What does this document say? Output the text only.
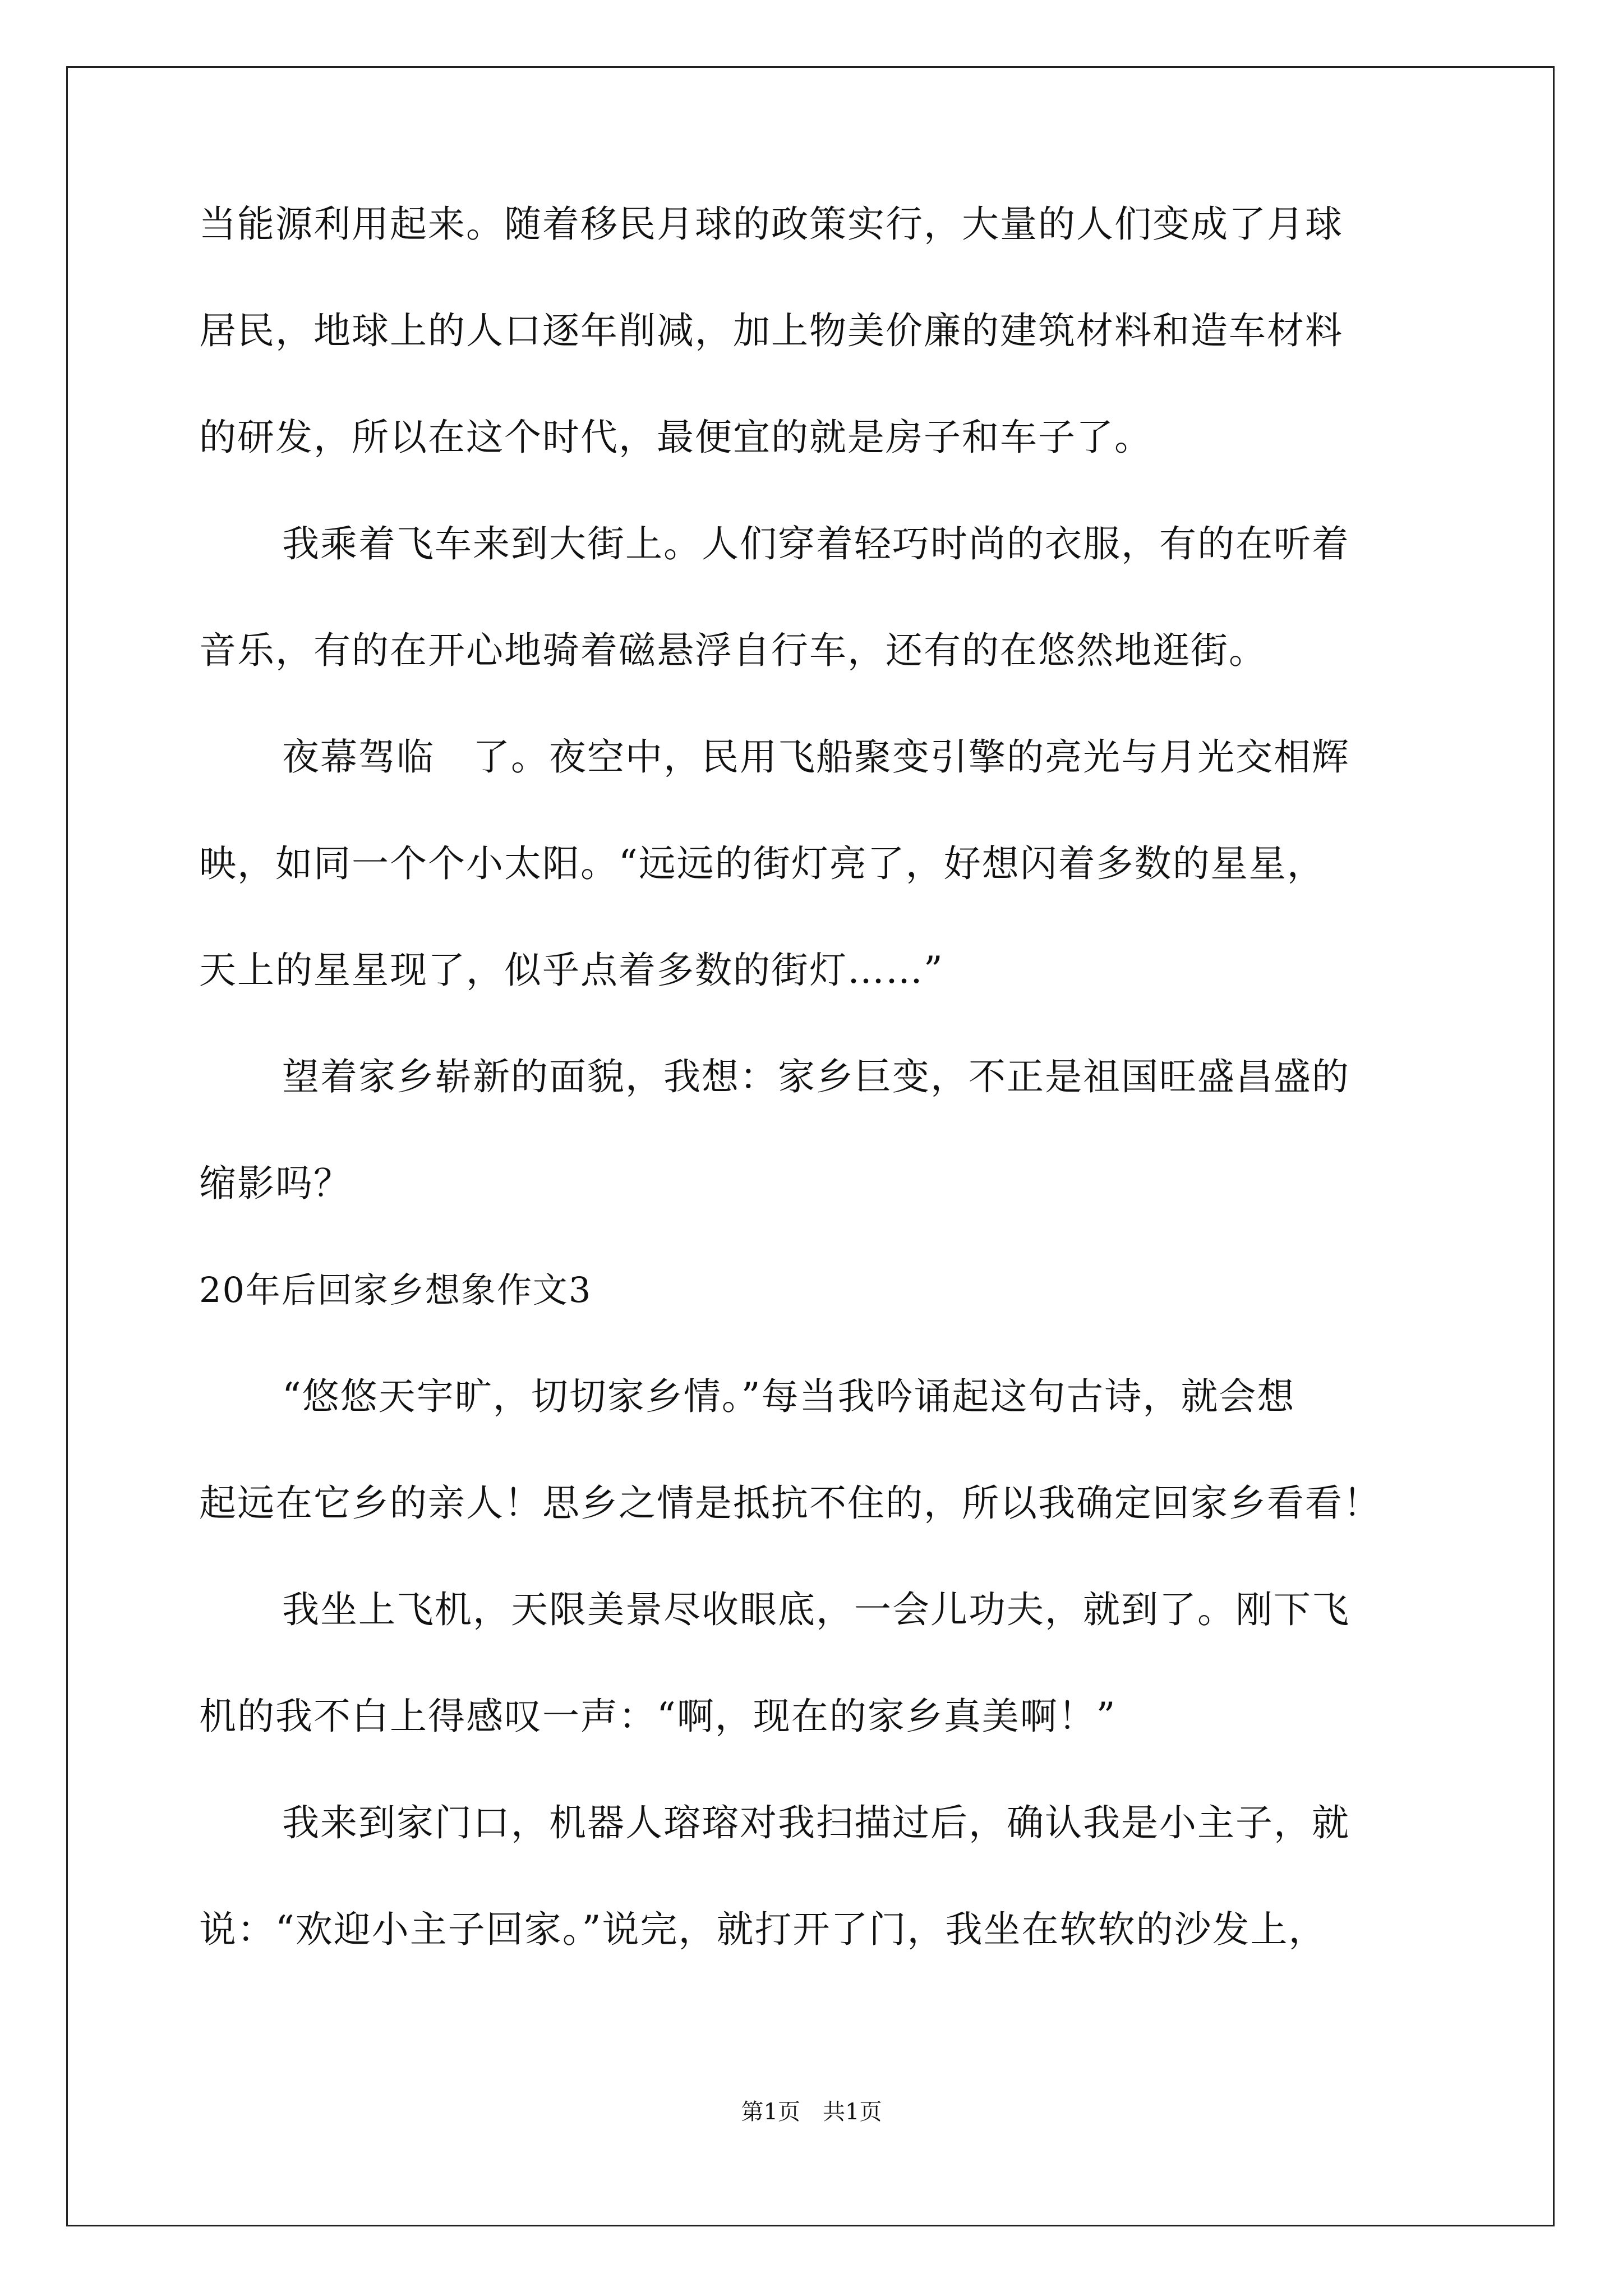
当能源利用起来。随着移民月球的政策实行，大量的人们变成了月球

居民，地球上的人口逐年削减，加上物美价廉的建筑材料和造车材料

的研发，所以在这个时代，最便宜的就是房子和车子了。

我乘着飞车来到大街上。人们穿着轻巧时尚的衣服，有的在听着

音乐，有的在开心地骑着磁悬浮自行车，还有的在悠然地逛街。

夜幕驾临　了。夜空中，民用飞船聚变引擎的亮光与月光交相辉

映，如同一个个小太阳。“远远的街灯亮了，好想闪着多数的星星，

天上的星星现了，似乎点着多数的街灯……”

望着家乡崭新的面貌，我想：家乡巨变，不正是祖国旺盛昌盛的

缩影吗？

20年后回家乡想象作文3

“悠悠天宇旷，切切家乡情。”每当我吟诵起这句古诗，就会想

起远在它乡的亲人！思乡之情是抵抗不住的，所以我确定回家乡看看！

我坐上飞机，天限美景尽收眼底，一会儿功夫，就到了。刚下飞

机的我不白上得感叹一声：“啊，现在的家乡真美啊！”

我来到家门口，机器人瑢瑢对我扫描过后，确认我是小主子，就

说：“欢迎小主子回家。”说完，就打开了门，我坐在软软的沙发上，

第1页　共1页
